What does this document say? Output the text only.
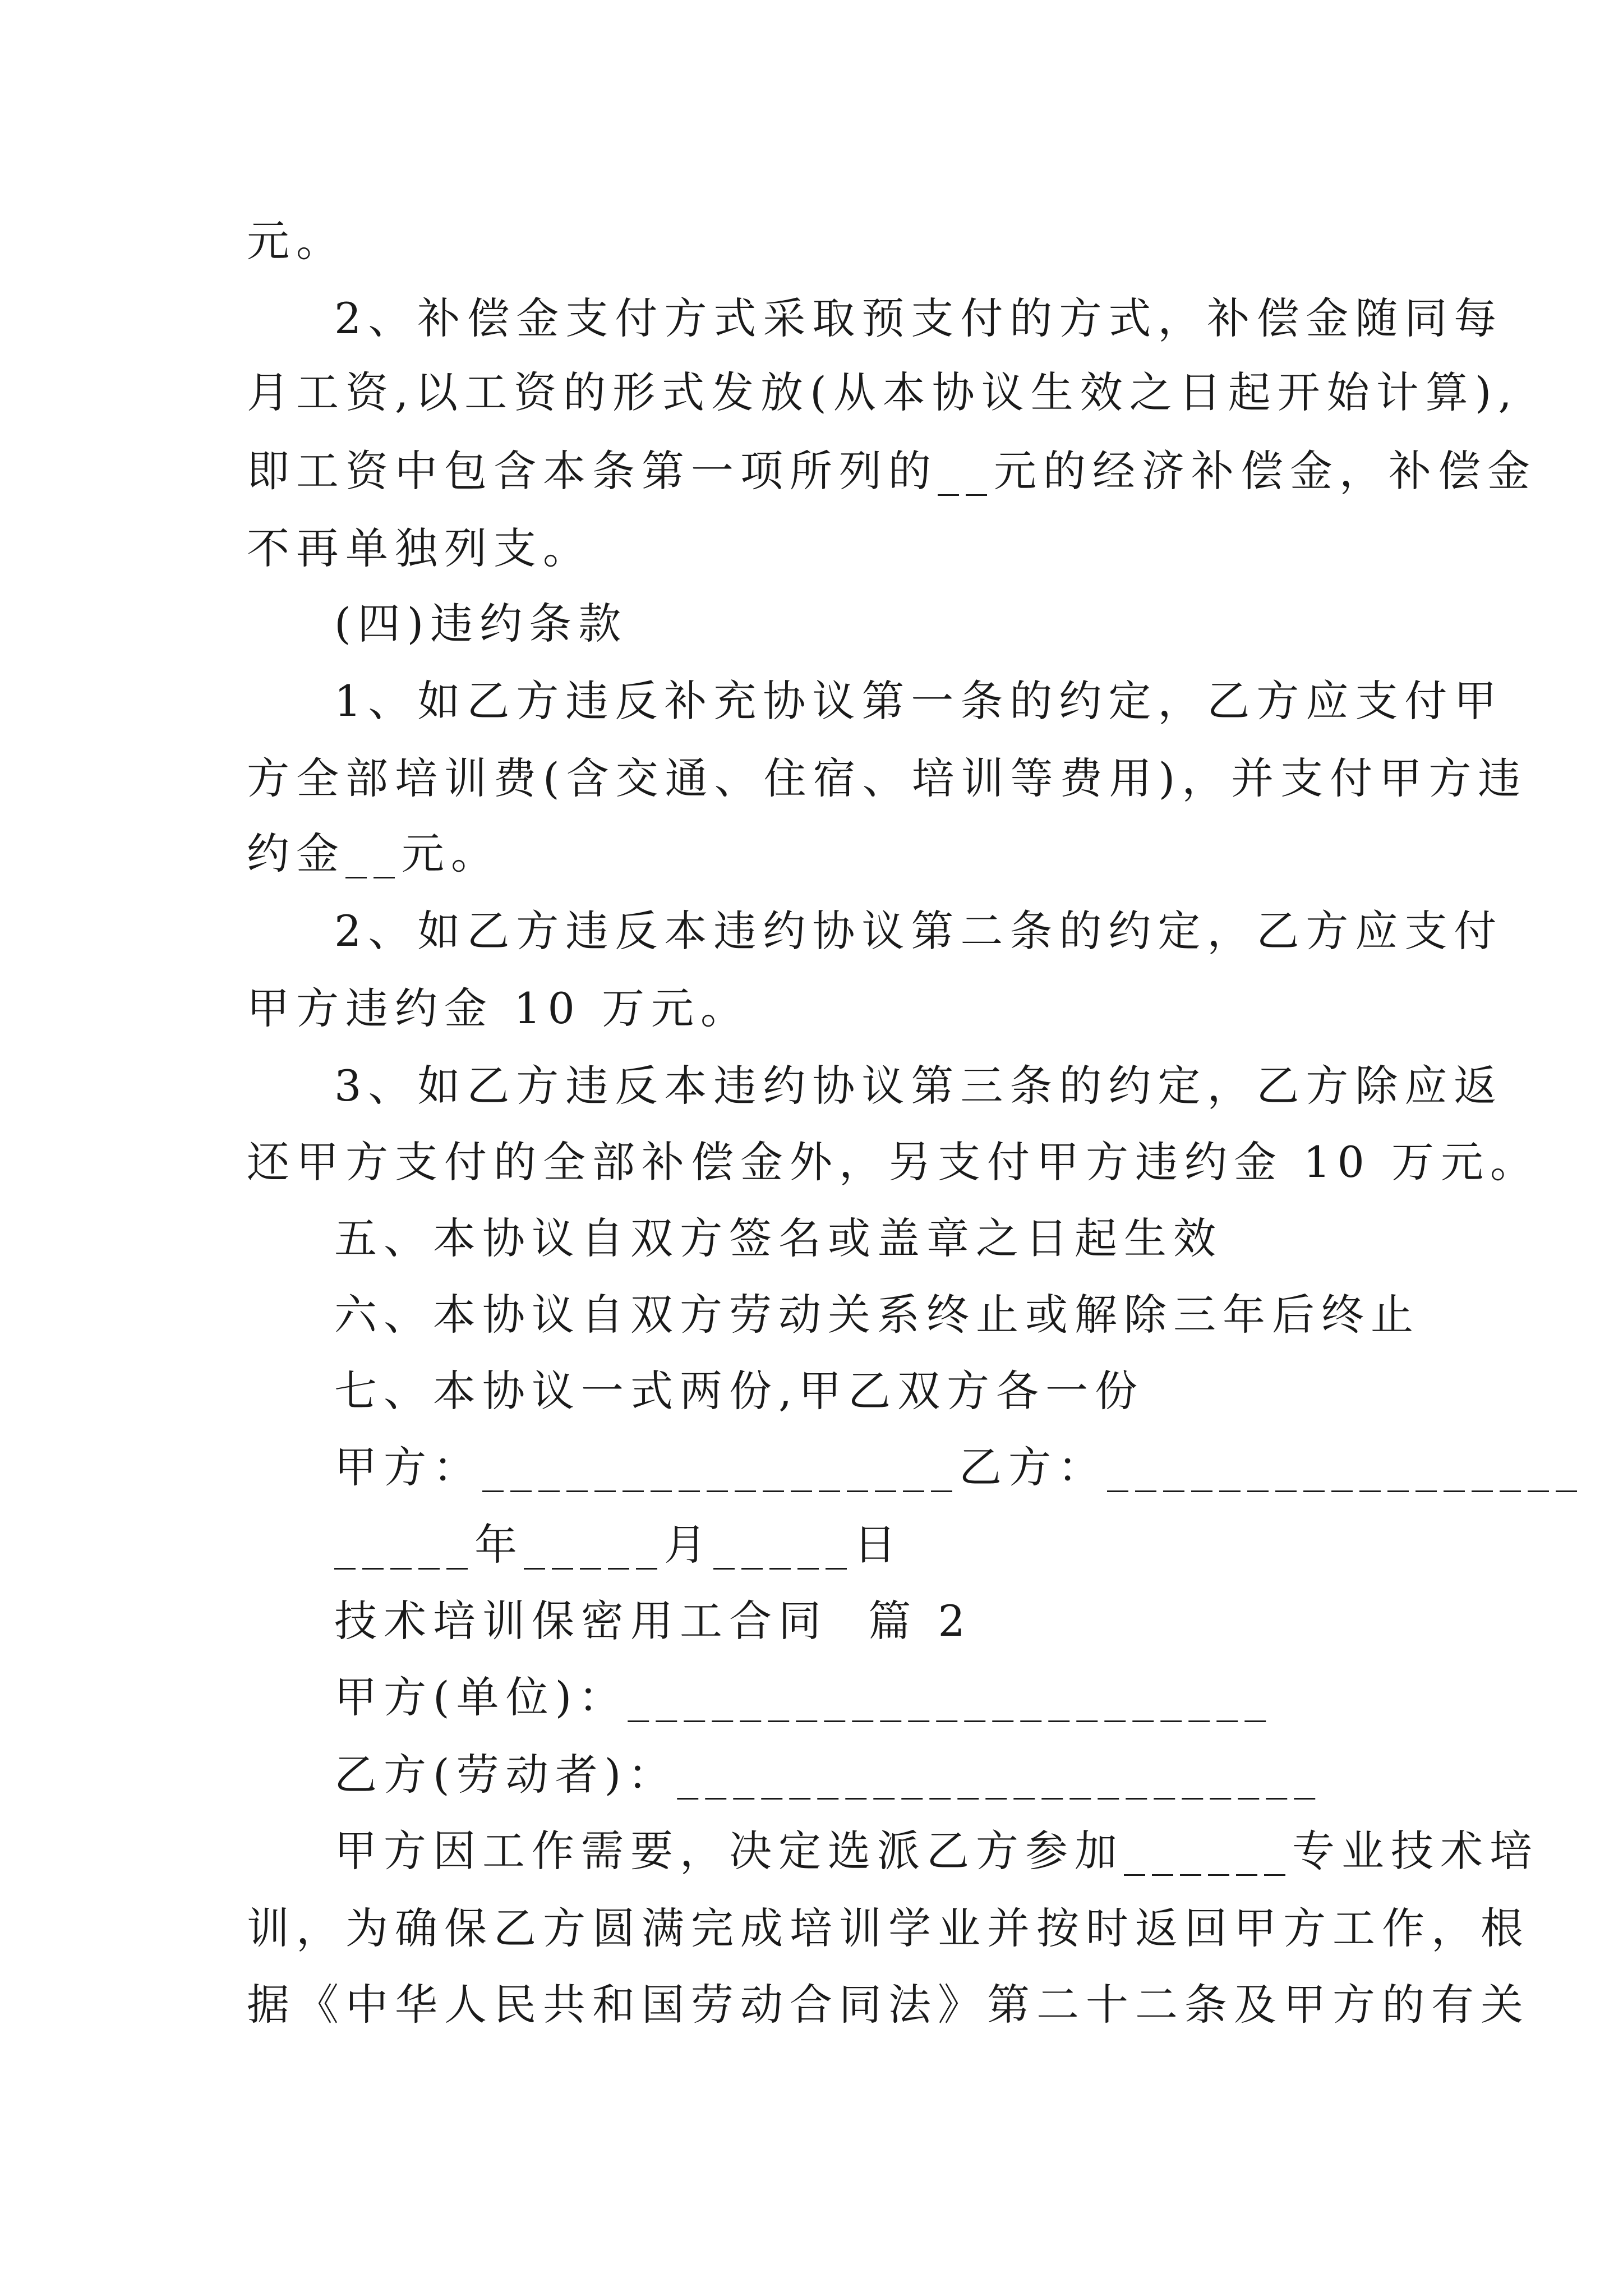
元。
2、补偿金支付方式采取预支付的方式，补偿金随同每
月工资,以工资的形式发放(从本协议生效之日起开始计算),
即工资中包含本条第一项所列的__元的经济补偿金，补偿金
不再单独列支。
(四)违约条款
1、如乙方违反补充协议第一条的约定，乙方应支付甲
方全部培训费(含交通、住宿、培训等费用)，并支付甲方违
约金__元。
2、如乙方违反本违约协议第二条的约定，乙方应支付
甲方违约金 10 万元。
3、如乙方违反本违约协议第三条的约定，乙方除应返
还甲方支付的全部补偿金外，另支付甲方违约金 10 万元。
五、本协议自双方签名或盖章之日起生效
六、本协议自双方劳动关系终止或解除三年后终止
七、本协议一式两份,甲乙双方各一份
甲方：_________________乙方：_________________
_____年_____月_____日
技术培训保密用工合同  篇 2
甲方(单位)：_______________________
乙方(劳动者)：_______________________
甲方因工作需要，决定选派乙方参加______专业技术培
训，为确保乙方圆满完成培训学业并按时返回甲方工作，根
据《中华人民共和国劳动合同法》第二十二条及甲方的有关
